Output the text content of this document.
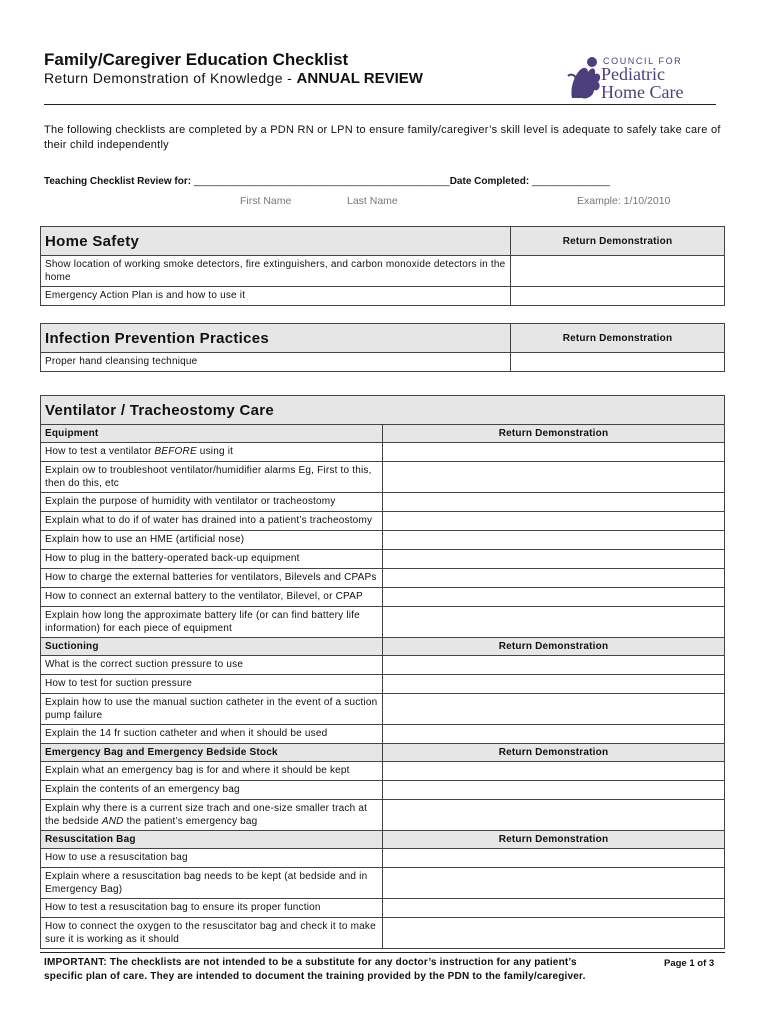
Family/Caregiver Education Checklist
Return Demonstration of Knowledge - ANNUAL REVIEW
COUNCIL FOR
Pediatric
Home Care
The following checklists are completed by a PDN RN or LPN to ensure family/caregiver’s skill level is adequate to safely take care of their child independently
Teaching Checklist Review for: ______________________________________________Date Completed: ______________
First Name	Last Name	Example: 1/10/2010
Home Safety	Return Demonstration
Show location of working smoke detectors, fire extinguishers, and carbon monoxide detectors in the home	
Emergency Action Plan is and how to use it	
Infection Prevention Practices	Return Demonstration
Proper hand cleansing technique	
Ventilator / Tracheostomy Care	
Equipment	Return Demonstration
How to test a ventilator BEFORE using it	
Explain ow to troubleshoot ventilator/humidifier alarms Eg, First to this, then do this, etc	
Explain the purpose of humidity with ventilator or tracheostomy	
Explain what to do if of water has drained into a patient’s tracheostomy	
Explain how to use an HME (artificial nose)	
How to plug in the battery-operated back-up equipment	
How to charge the external batteries for ventilators, Bilevels and CPAPs	
How to connect an external battery to the ventilator, Bilevel, or CPAP	
Explain how long the approximate battery life (or can find battery life information) for each piece of equipment	
Suctioning	Return Demonstration
What is the correct suction pressure to use	
How to test for suction pressure	
Explain how to use the manual suction catheter in the event of a suction pump failure	
Explain the 14 fr suction catheter and when it should be used	
Emergency Bag and Emergency Bedside Stock	Return Demonstration
Explain what an emergency bag is for and where it should be kept	
Explain the contents of an emergency bag	
Explain why there is a current size trach and one-size smaller trach at the bedside AND the patient’s emergency bag	
Resuscitation Bag	Return Demonstration
How to use a resuscitation bag	
Explain where a resuscitation bag needs to be kept (at bedside and in Emergency Bag)	
How to test a resuscitation bag to ensure its proper function	
How to connect the oxygen to the resuscitator bag and check it to make sure it is working as it should	
IMPORTANT: The checklists are not intended to be a substitute for any doctor’s instruction for any patient’s specific plan of care. They are intended to document the training provided by the PDN to the family/caregiver.
Page 1 of 3
